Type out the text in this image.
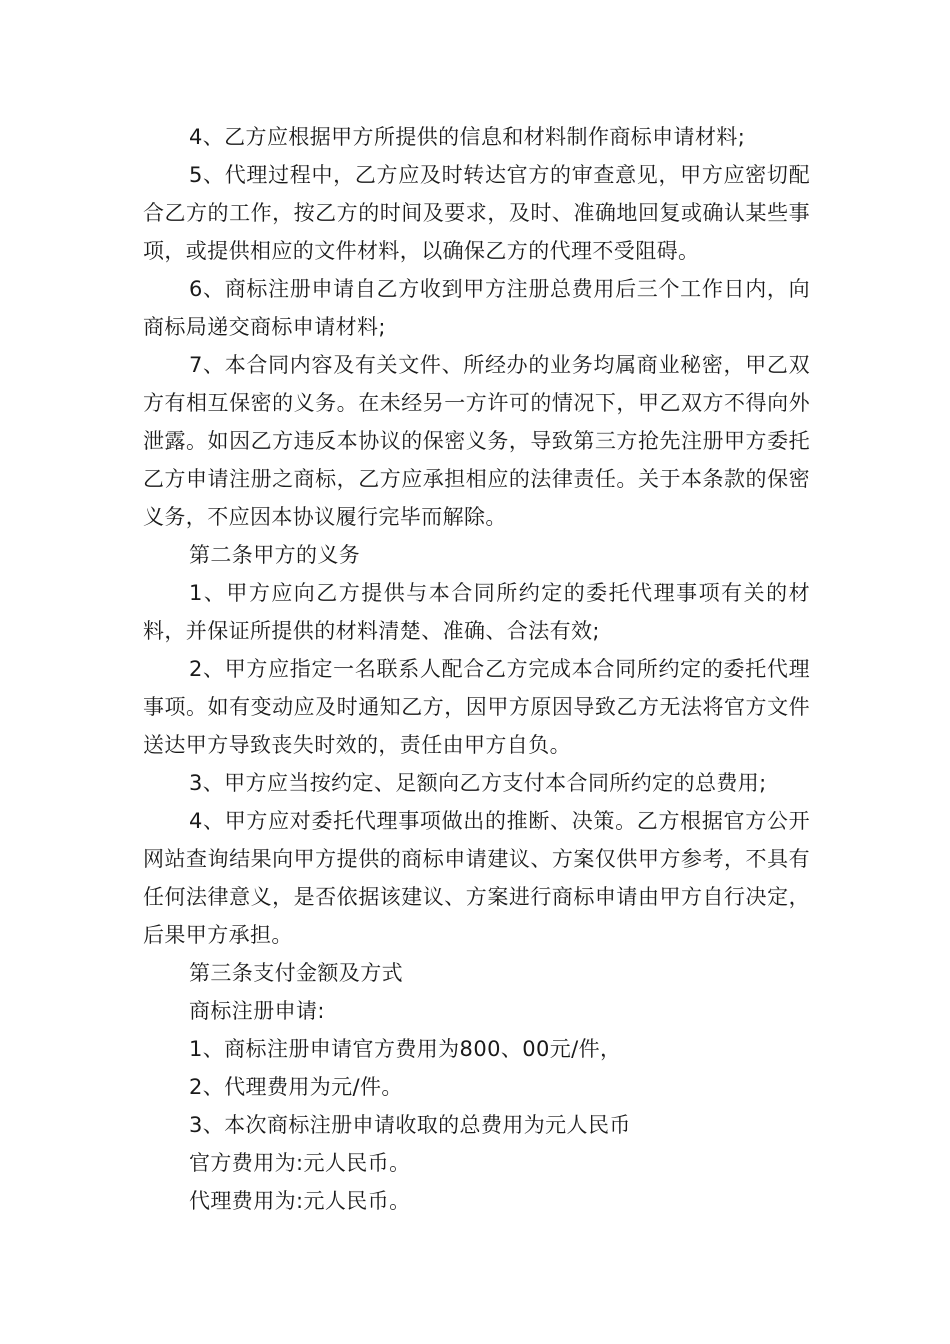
4、乙方应根据甲方所提供的信息和材料制作商标申请材料;

5、代理过程中，乙方应及时转达官方的审查意见，甲方应密切配合乙方的工作，按乙方的时间及要求，及时、准确地回复或确认某些事项，或提供相应的文件材料，以确保乙方的代理不受阻碍。

6、商标注册申请自乙方收到甲方注册总费用后三个工作日内，向商标局递交商标申请材料;

7、本合同内容及有关文件、所经办的业务均属商业秘密，甲乙双方有相互保密的义务。在未经另一方许可的情况下，甲乙双方不得向外泄露。如因乙方违反本协议的保密义务，导致第三方抢先注册甲方委托乙方申请注册之商标，乙方应承担相应的法律责任。关于本条款的保密义务，不应因本协议履行完毕而解除。

第二条甲方的义务

1、甲方应向乙方提供与本合同所约定的委托代理事项有关的材料，并保证所提供的材料清楚、准确、合法有效;

2、甲方应指定一名联系人配合乙方完成本合同所约定的委托代理事项。如有变动应及时通知乙方，因甲方原因导致乙方无法将官方文件送达甲方导致丧失时效的，责任由甲方自负。

3、甲方应当按约定、足额向乙方支付本合同所约定的总费用;

4、甲方应对委托代理事项做出的推断、决策。乙方根据官方公开网站查询结果向甲方提供的商标申请建议、方案仅供甲方参考，不具有任何法律意义，是否依据该建议、方案进行商标申请由甲方自行决定，后果甲方承担。

第三条支付金额及方式

商标注册申请:

1、商标注册申请官方费用为800、00元/件，

2、代理费用为元/件。

3、本次商标注册申请收取的总费用为元人民币

官方费用为:元人民币。

代理费用为:元人民币。
